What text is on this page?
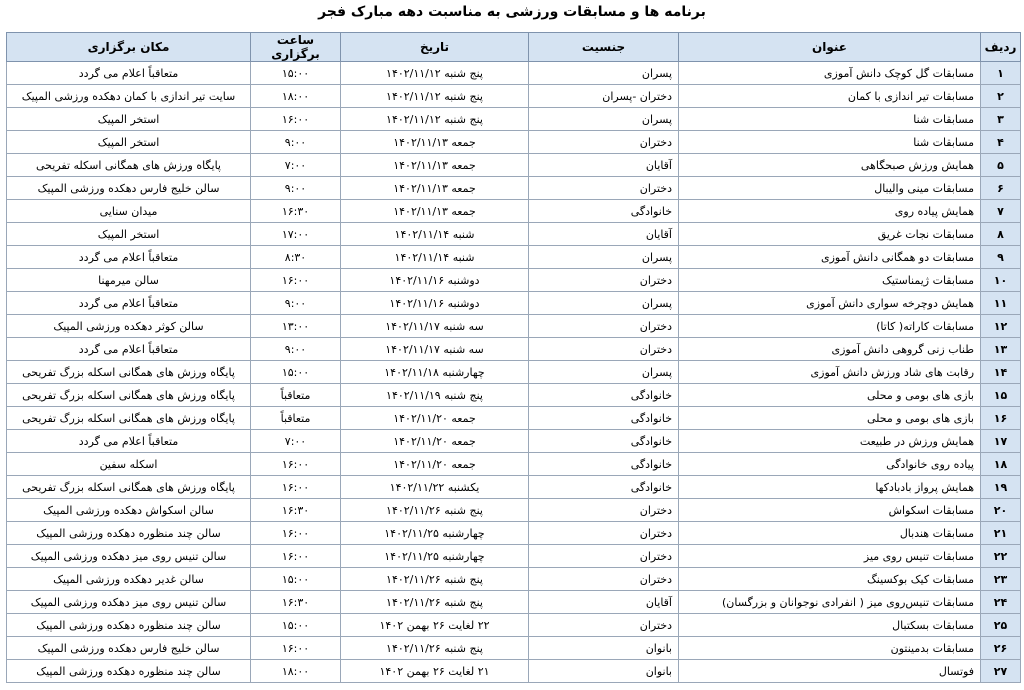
برنامه ها و مسابقات ورزشی به مناسبت دهه مبارک فجر
ردیف	عنوان	جنسیت	تاریخ	ساعت برگزاری	مکان برگزاری
۱	مسابقات گل کوچک دانش آموزی	پسران	پنج شنبه ۱۴۰۲/۱۱/۱۲	۱۵:۰۰	متعاقباً اعلام می گردد
۲	مسابقات تیر اندازی با کمان	دختران -پسران	پنج شنبه ۱۴۰۲/۱۱/۱۲	۱۸:۰۰	سایت تیر اندازی با کمان دهکده ورزشی المپیک
۳	مسابقات شنا	پسران	پنج شنبه ۱۴۰۲/۱۱/۱۲	۱۶:۰۰	استخر المپیک
۴	مسابقات شنا	دختران	جمعه ۱۴۰۲/۱۱/۱۳	۹:۰۰	استخر المپیک
۵	همایش ورزش صبحگاهی	آقایان	جمعه ۱۴۰۲/۱۱/۱۳	۷:۰۰	پایگاه ورزش های همگانی اسکله تفریحی
۶	مسابقات مینی والیبال	دختران	جمعه ۱۴۰۲/۱۱/۱۳	۹:۰۰	سالن خلیج فارس دهکده ورزشی المپیک
۷	همایش پیاده روی	خانوادگی	جمعه ۱۴۰۲/۱۱/۱۳	۱۶:۳۰	میدان سنایی
۸	مسابقات نجات غریق	آقایان	شنبه ۱۴۰۲/۱۱/۱۴	۱۷:۰۰	استخر المپیک
۹	مسابقات دو همگانی دانش آموزی	پسران	شنبه ۱۴۰۲/۱۱/۱۴	۸:۳۰	متعاقباً اعلام می گردد
۱۰	مسابقات ژیمناستیک	دختران	دوشنبه ۱۴۰۲/۱۱/۱۶	۱۶:۰۰	سالن میرمهنا
۱۱	همایش دوچرخه سواری دانش آموزی	پسران	دوشنبه ۱۴۰۲/۱۱/۱۶	۹:۰۰	متعاقباً اعلام می گردد
۱۲	مسابقات کاراته( کاتا)	دختران	سه شنبه ۱۴۰۲/۱۱/۱۷	۱۳:۰۰	سالن کوثر دهکده ورزشی المپیک
۱۳	طناب زنی گروهی دانش آموزی	دختران	سه شنبه ۱۴۰۲/۱۱/۱۷	۹:۰۰	متعاقباً اعلام می گردد
۱۴	رقابت های شاد ورزش دانش آموزی	پسران	چهارشنبه ۱۴۰۲/۱۱/۱۸	۱۵:۰۰	پایگاه ورزش های همگانی اسکله بزرگ تفریحی
۱۵	بازی های بومی و محلی	خانوادگی	پنج شنبه ۱۴۰۲/۱۱/۱۹	متعاقباً	پایگاه ورزش های همگانی اسکله بزرگ تفریحی
۱۶	بازی های بومی و محلی	خانوادگی	جمعه ۱۴۰۲/۱۱/۲۰	متعاقباً	پایگاه ورزش های همگانی اسکله بزرگ تفریحی
۱۷	همایش ورزش در طبیعت	خانوادگی	جمعه ۱۴۰۲/۱۱/۲۰	۷:۰۰	متعاقباً اعلام می گردد
۱۸	پیاده روی خانوادگی	خانوادگی	جمعه ۱۴۰۲/۱۱/۲۰	۱۶:۰۰	اسکله سفین
۱۹	همایش پرواز بادبادکها	خانوادگی	یکشنبه ۱۴۰۲/۱۱/۲۲	۱۶:۰۰	پایگاه ورزش های همگانی اسکله بزرگ تفریحی
۲۰	مسابقات اسکواش	دختران	پنج شنبه ۱۴۰۲/۱۱/۲۶	۱۶:۳۰	سالن اسکواش دهکده ورزشی المپیک
۲۱	مسابقات هندبال	دختران	چهارشنبه ۱۴۰۲/۱۱/۲۵	۱۶:۰۰	سالن چند منظوره دهکده ورزشی المپیک
۲۲	مسابقات تنیس روی میز	دختران	چهارشنبه ۱۴۰۲/۱۱/۲۵	۱۶:۰۰	سالن تنیس روی میز دهکده ورزشی المپیک
۲۳	مسابقات کیک بوکسینگ	دختران	پنج شنبه ۱۴۰۲/۱۱/۲۶	۱۵:۰۰	سالن غدیر دهکده ورزشی المپیک
۲۴	مسابقات تنیس‌روی میز ( انفرادی نوجوانان و بزرگسان)	آقایان	پنج شنبه ۱۴۰۲/۱۱/۲۶	۱۶:۳۰	سالن تنیس روی میز دهکده ورزشی المپیک
۲۵	مسابقات بسکتبال	دختران	۲۲ لغایت ۲۶ بهمن ۱۴۰۲	۱۵:۰۰	سالن چند منظوره دهکده ورزشی المپیک
۲۶	مسابقات بدمینتون	بانوان	پنج شنبه ۱۴۰۲/۱۱/۲۶	۱۶:۰۰	سالن خلیج فارس دهکده ورزشی المپیک
۲۷	فوتسال	بانوان	۲۱ لغایت ۲۶ بهمن ۱۴۰۲	۱۸:۰۰	سالن چند منظوره دهکده ورزشی المپیک
